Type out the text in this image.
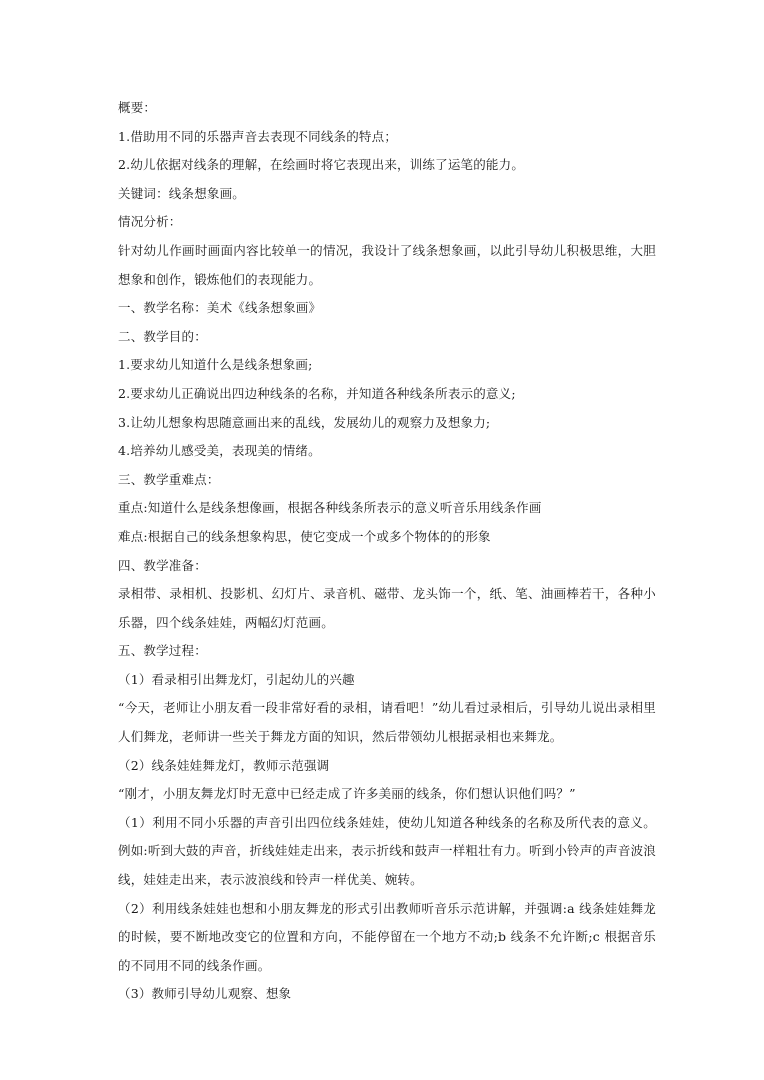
概要：

1.借助用不同的乐器声音去表现不同线条的特点；

2.幼儿依据对线条的理解，在绘画时将它表现出来，训练了运笔的能力。

关键词：线条想象画。

情况分析：

针对幼儿作画时画面内容比较单一的情况，我设计了线条想象画，以此引导幼儿积极思维，大胆想象和创作，锻炼他们的表现能力。

一、教学名称：美术《线条想象画》

二、教学目的：

1.要求幼儿知道什么是线条想象画;

2.要求幼儿正确说出四边种线条的名称，并知道各种线条所表示的意义;

3.让幼儿想象构思随意画出来的乱线，发展幼儿的观察力及想象力;

4.培养幼儿感受美，表现美的情绪。

三、教学重难点：

重点:知道什么是线条想像画，根据各种线条所表示的意义听音乐用线条作画

难点:根据自己的线条想象构思，使它变成一个或多个物体的的形象

四、教学准备：

录相带、录相机、投影机、幻灯片、录音机、磁带、龙头饰一个，纸、笔、油画棒若干，各种小乐器，四个线条娃娃，两幅幻灯范画。

五、教学过程：

（1）看录相引出舞龙灯，引起幼儿的兴趣

“今天，老师让小朋友看一段非常好看的录相，请看吧！”幼儿看过录相后，引导幼儿说出录相里人们舞龙，老师讲一些关于舞龙方面的知识，然后带领幼儿根据录相也来舞龙。

（2）线条娃娃舞龙灯，教师示范强调

“刚才，小朋友舞龙灯时无意中已经走成了许多美丽的线条，你们想认识他们吗？”

（1）利用不同小乐器的声音引出四位线条娃娃，使幼儿知道各种线条的名称及所代表的意义。例如:听到大鼓的声音，折线娃娃走出来，表示折线和鼓声一样粗壮有力。听到小铃声的声音波浪线，娃娃走出来，表示波浪线和铃声一样优美、婉转。

（2）利用线条娃娃也想和小朋友舞龙的形式引出教师听音乐示范讲解，并强调:a 线条娃娃舞龙的时候，要不断地改变它的位置和方向，不能停留在一个地方不动;b 线条不允许断;c 根据音乐的不同用不同的线条作画。

（3）教师引导幼儿观察、想象
